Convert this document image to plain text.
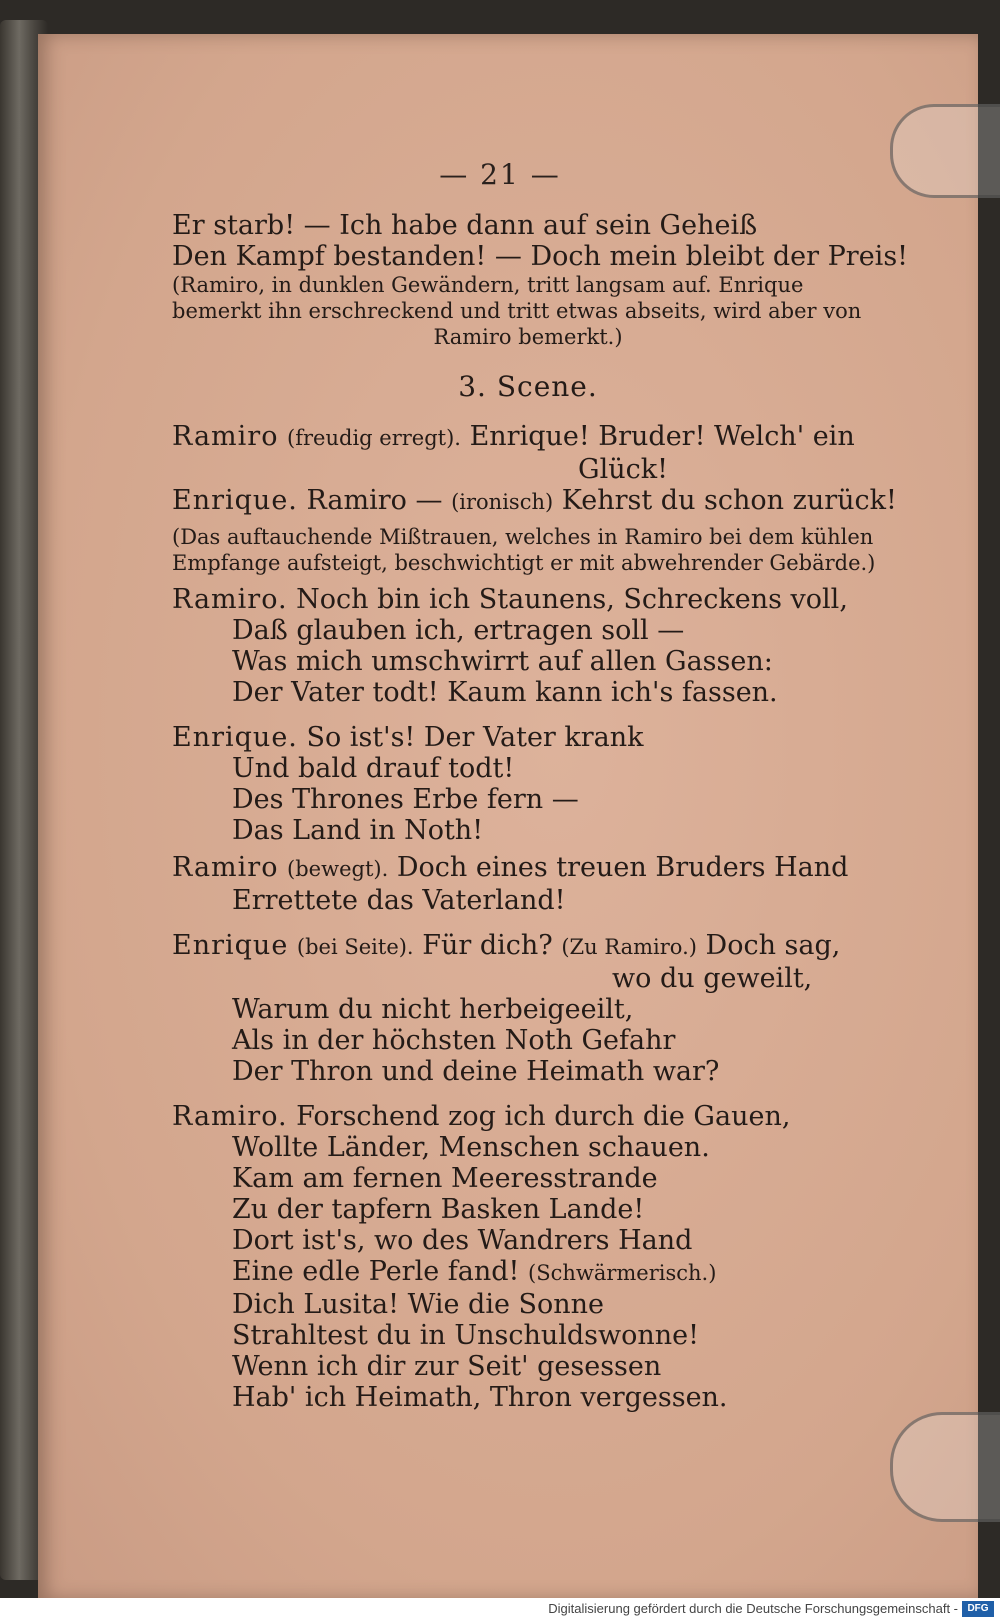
— 21 —
Er starb! — Ich habe dann auf sein Geheiß
Den Kampf bestanden! — Doch mein bleibt der Preis!
(Ramiro, in dunklen Gewändern, tritt langsam auf. Enrique
bemerkt ihn erschreckend und tritt etwas abseits, wird aber von
Ramiro bemerkt.)
3. Scene.
Ramiro (freudig erregt). Enrique! Bruder! Welch' ein
Glück!
Enrique. Ramiro — (ironisch) Kehrst du schon zurück!
(Das auftauchende Mißtrauen, welches in Ramiro bei dem kühlen
Empfange aufsteigt, beschwichtigt er mit abwehrender Gebärde.)
Ramiro. Noch bin ich Staunens, Schreckens voll,
Daß glauben ich, ertragen soll —
Was mich umschwirrt auf allen Gassen:
Der Vater todt! Kaum kann ich's fassen.
Enrique. So ist's! Der Vater krank
Und bald drauf todt!
Des Thrones Erbe fern —
Das Land in Noth!
Ramiro (bewegt). Doch eines treuen Bruders Hand
Errettete das Vaterland!
Enrique (bei Seite). Für dich? (Zu Ramiro.) Doch sag,
wo du geweilt,
Warum du nicht herbeigeeilt,
Als in der höchsten Noth Gefahr
Der Thron und deine Heimath war?
Ramiro. Forschend zog ich durch die Gauen,
Wollte Länder, Menschen schauen.
Kam am fernen Meeresstrande
Zu der tapfern Basken Lande!
Dort ist's, wo des Wandrers Hand
Eine edle Perle fand! (Schwärmerisch.)
Dich Lusita! Wie die Sonne
Strahltest du in Unschuldswonne!
Wenn ich dir zur Seit' gesessen
Hab' ich Heimath, Thron vergessen.
Digitalisierung gefördert durch die Deutsche Forschungsgemeinschaft - DFG
